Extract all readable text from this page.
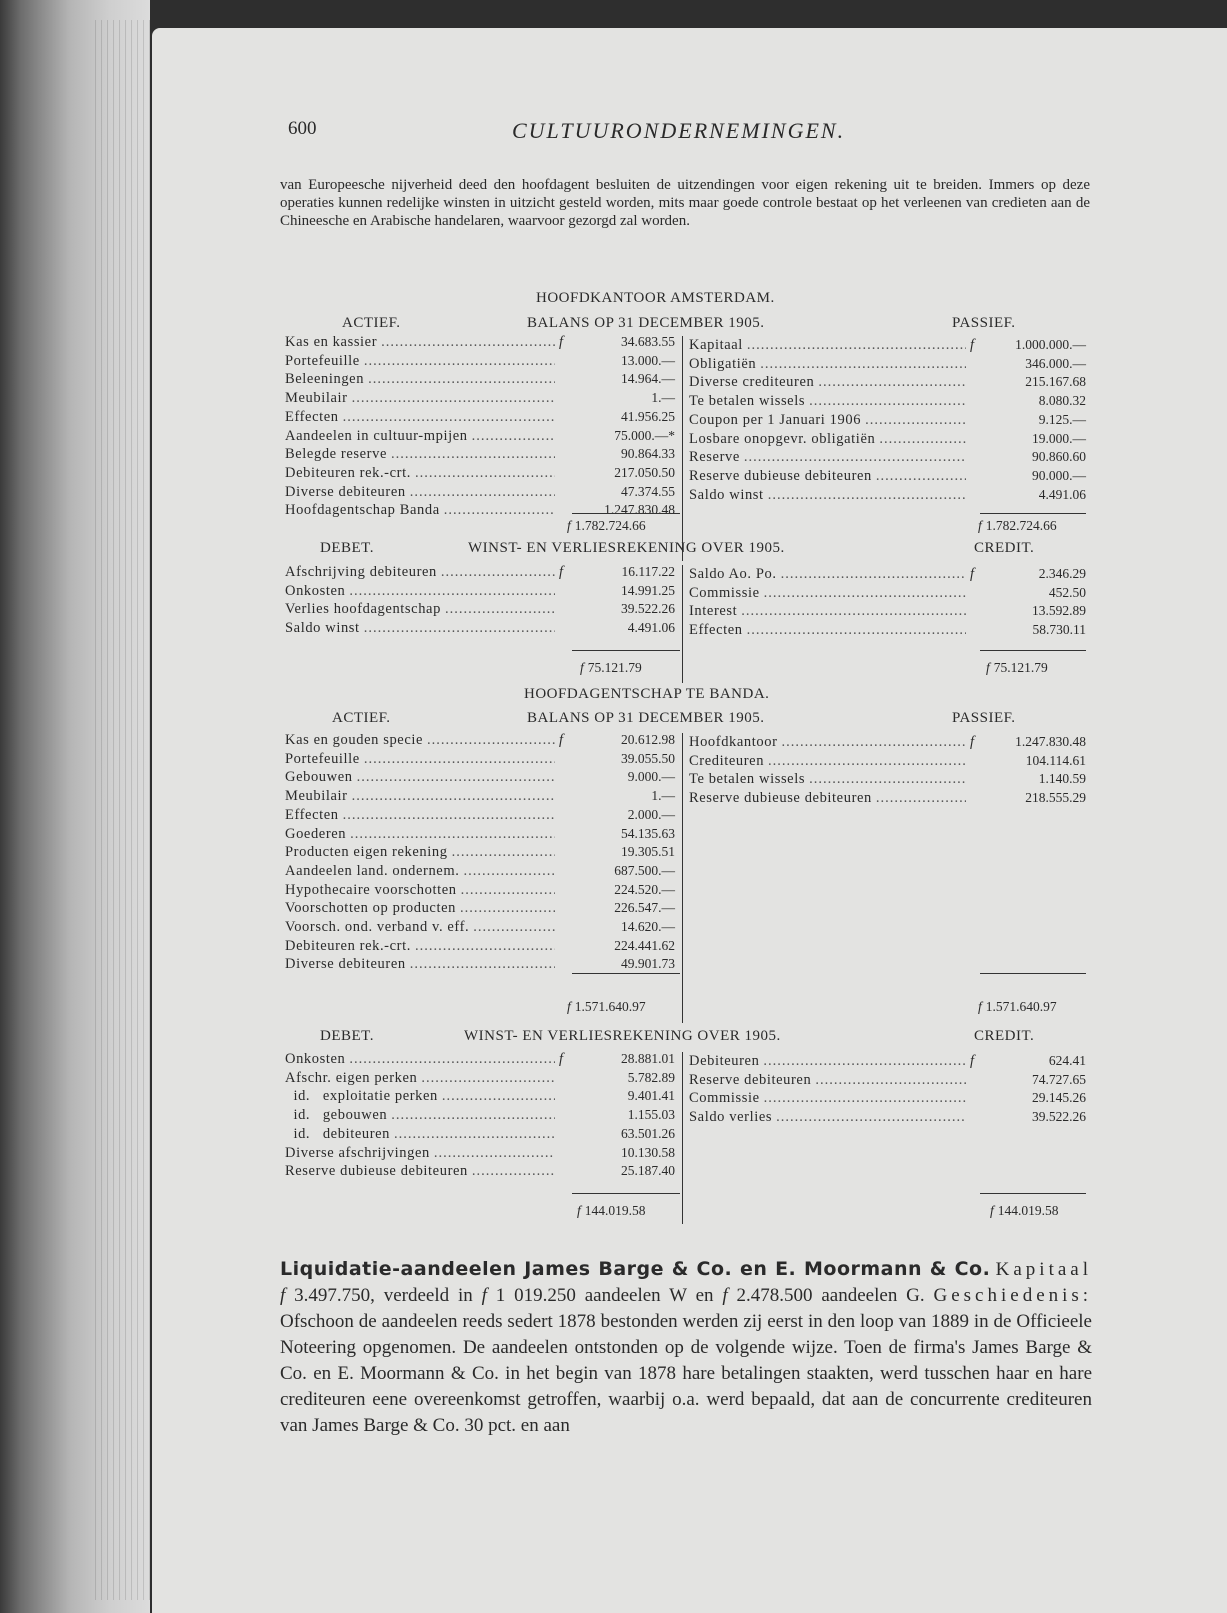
600	CULTUURONDERNEMINGEN.
van Europeesche nijverheid deed den hoofdagent besluiten de uitzendingen voor eigen rekening uit te breiden. Immers op deze operaties kunnen redelijke winsten in uitzicht gesteld worden, mits maar goede controle bestaat op het verleenen van credieten aan de Chineesche en Arabische handelaren, waarvoor gezorgd zal worden.
HOOFDKANTOOR AMSTERDAM.
ACTIEF.	BALANS OP 31 DECEMBER 1905.	PASSIEF.
Kas en kassier .....	f	34.683.55
Portefeuille .....	13.000.—
Beleeningen .....	14.964.—
Meubilair .....	1.—
Effecten .....	41.956.25
Aandeelen in cultuur-mpijen .....	75.000.—*
Belegde reserve .....	90.864.33
Debiteuren rek.-crt. .....	217.050.50
Diverse debiteuren .....	47.374.55
Hoofdagentschap Banda .....	1.247.830.48
Kapitaal .....	f	1.000.000.—
Obligatiën .....	346.000.—
Diverse crediteuren .....	215.167.68
Te betalen wissels .....	8.080.32
Coupon per 1 Januari 1906 .....	9.125.—
Losbare onopgevr. obligatiën .....	19.000.—
Reserve .....	90.860.60
Reserve dubieuse debiteuren .....	90.000.—
Saldo winst .....	4.491.06
f 1.782.724.66	f 1.782.724.66
DEBET.	WINST- EN VERLIESREKENING OVER 1905.	CREDIT.
Afschrijving debiteuren .....	f	16.117.22
Onkosten .....	14.991.25
Verlies hoofdagentschap .....	39.522.26
Saldo winst .....	4.491.06
Saldo Ao. Po. .....	f	2.346.29
Commissie .....	452.50
Interest .....	13.592.89
Effecten .....	58.730.11
f 75.121.79	f 75.121.79
HOOFDAGENTSCHAP TE BANDA.
ACTIEF.	BALANS OP 31 DECEMBER 1905.	PASSIEF.
Kas en gouden specie .....	f	20.612.98
Portefeuille .....	39.055.50
Gebouwen .....	9.000.—
Meubilair .....	1.—
Effecten .....	2.000.—
Goederen .....	54.135.63
Producten eigen rekening .....	19.305.51
Aandeelen land. ondernem. .....	687.500.—
Hypothecaire voorschotten .....	224.520.—
Voorschotten op producten .....	226.547.—
Voorsch. ond. verband v. eff. .....	14.620.—
Debiteuren rek.-crt. .....	224.441.62
Diverse debiteuren .....	49.901.73
Hoofdkantoor .....	f	1.247.830.48
Crediteuren .....	104.114.61
Te betalen wissels .....	1.140.59
Reserve dubieuse debiteuren .....	218.555.29
f 1.571.640.97	f 1.571.640.97
DEBET.	WINST- EN VERLIESREKENING OVER 1905.	CREDIT.
Onkosten .....	f	28.881.01
Afschr. eigen perken .....	5.782.89
id.   exploitatie perken .....	9.401.41
id.   gebouwen .....	1.155.03
id.   debiteuren .....	63.501.26
Diverse afschrijvingen .....	10.130.58
Reserve dubieuse debiteuren .....	25.187.40
Debiteuren .....	f	624.41
Reserve debiteuren .....	74.727.65
Commissie .....	29.145.26
Saldo verlies .....	39.522.26
f 144.019.58	f 144.019.58
Liquidatie-aandeelen James Barge & Co. en E. Moormann & Co. Kapitaal f 3.497.750, verdeeld in f 1 019.250 aandeelen W en f 2.478.500 aandeelen G. Geschiedenis: Ofschoon de aandeelen reeds sedert 1878 bestonden werden zij eerst in den loop van 1889 in de Officieele Noteering opgenomen. De aandeelen ontstonden op de volgende wijze. Toen de firma's James Barge & Co. en E. Moormann & Co. in het begin van 1878 hare betalingen staakten, werd tusschen haar en hare crediteuren eene overeenkomst getroffen, waarbij o.a. werd bepaald, dat aan de concurrente crediteuren van James Barge & Co. 30 pct. en aan
